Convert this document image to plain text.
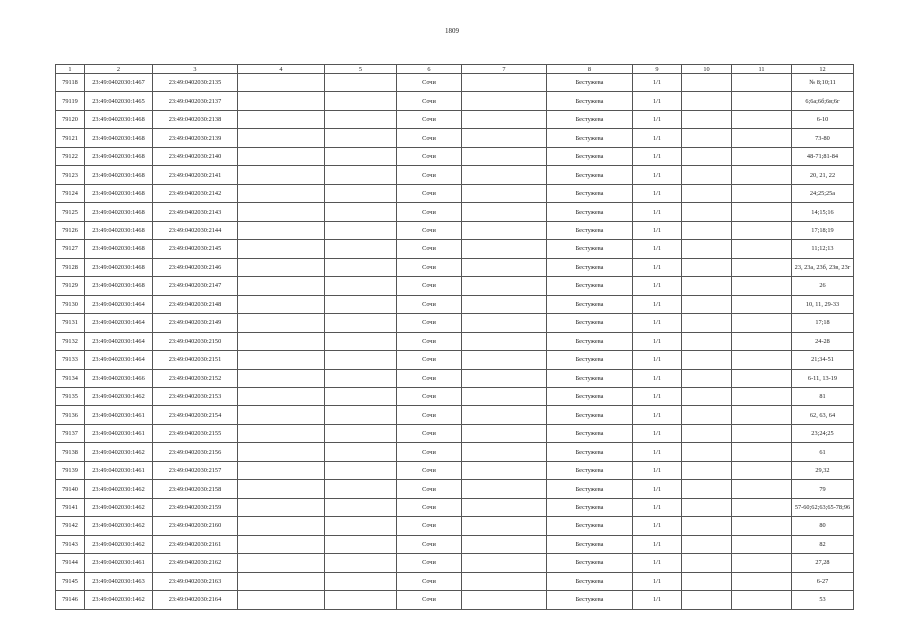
1809
1	2	3	4	5	6	7	8	9	10	11	12
79118	23:49:0402030:1467	23:49:0402030:2135			Сочи		Бестужева	1/1			№ 8;10;11
79119	23:49:0402030:1465	23:49:0402030:2137			Сочи		Бестужева	1/1			6;6а;6б;6в;6г
79120	23:49:0402030:1468	23:49:0402030:2138			Сочи		Бестужева	1/1			6-10
79121	23:49:0402030:1468	23:49:0402030:2139			Сочи		Бестужева	1/1			73-80
79122	23:49:0402030:1468	23:49:0402030:2140			Сочи		Бестужева	1/1			48-71;81-84
79123	23:49:0402030:1468	23:49:0402030:2141			Сочи		Бестужева	1/1			20, 21, 22
79124	23:49:0402030:1468	23:49:0402030:2142			Сочи		Бестужева	1/1			24;25;25а
79125	23:49:0402030:1468	23:49:0402030:2143			Сочи		Бестужева	1/1			14;15;16
79126	23:49:0402030:1468	23:49:0402030:2144			Сочи		Бестужева	1/1			17;18;19
79127	23:49:0402030:1468	23:49:0402030:2145			Сочи		Бестужева	1/1			11;12;13
79128	23:49:0402030:1468	23:49:0402030:2146			Сочи		Бестужева	1/1			23, 23а, 23б, 23в, 23г
79129	23:49:0402030:1468	23:49:0402030:2147			Сочи		Бестужева	1/1			26
79130	23:49:0402030:1464	23:49:0402030:2148			Сочи		Бестужева	1/1			10, 11, 29-33
79131	23:49:0402030:1464	23:49:0402030:2149			Сочи		Бестужева	1/1			17;18
79132	23:49:0402030:1464	23:49:0402030:2150			Сочи		Бестужева	1/1			24-28
79133	23:49:0402030:1464	23:49:0402030:2151			Сочи		Бестужева	1/1			21;34-51
79134	23:49:0402030:1466	23:49:0402030:2152			Сочи		Бестужева	1/1			6-11, 13-19
79135	23:49:0402030:1462	23:49:0402030:2153			Сочи		Бестужева	1/1			81
79136	23:49:0402030:1461	23:49:0402030:2154			Сочи		Бестужева	1/1			62, 63, 64
79137	23:49:0402030:1461	23:49:0402030:2155			Сочи		Бестужева	1/1			23;24;25
79138	23:49:0402030:1462	23:49:0402030:2156			Сочи		Бестужева	1/1			61
79139	23:49:0402030:1461	23:49:0402030:2157			Сочи		Бестужева	1/1			29,32
79140	23:49:0402030:1462	23:49:0402030:2158			Сочи		Бестужева	1/1			79
79141	23:49:0402030:1462	23:49:0402030:2159			Сочи		Бестужева	1/1			57-60;62;63;65-78;96
79142	23:49:0402030:1462	23:49:0402030:2160			Сочи		Бестужева	1/1			80
79143	23:49:0402030:1462	23:49:0402030:2161			Сочи		Бестужева	1/1			82
79144	23:49:0402030:1461	23:49:0402030:2162			Сочи		Бестужева	1/1			27,28
79145	23:49:0402030:1463	23:49:0402030:2163			Сочи		Бестужева	1/1			6-27
79146	23:49:0402030:1462	23:49:0402030:2164			Сочи		Бестужева	1/1			53
